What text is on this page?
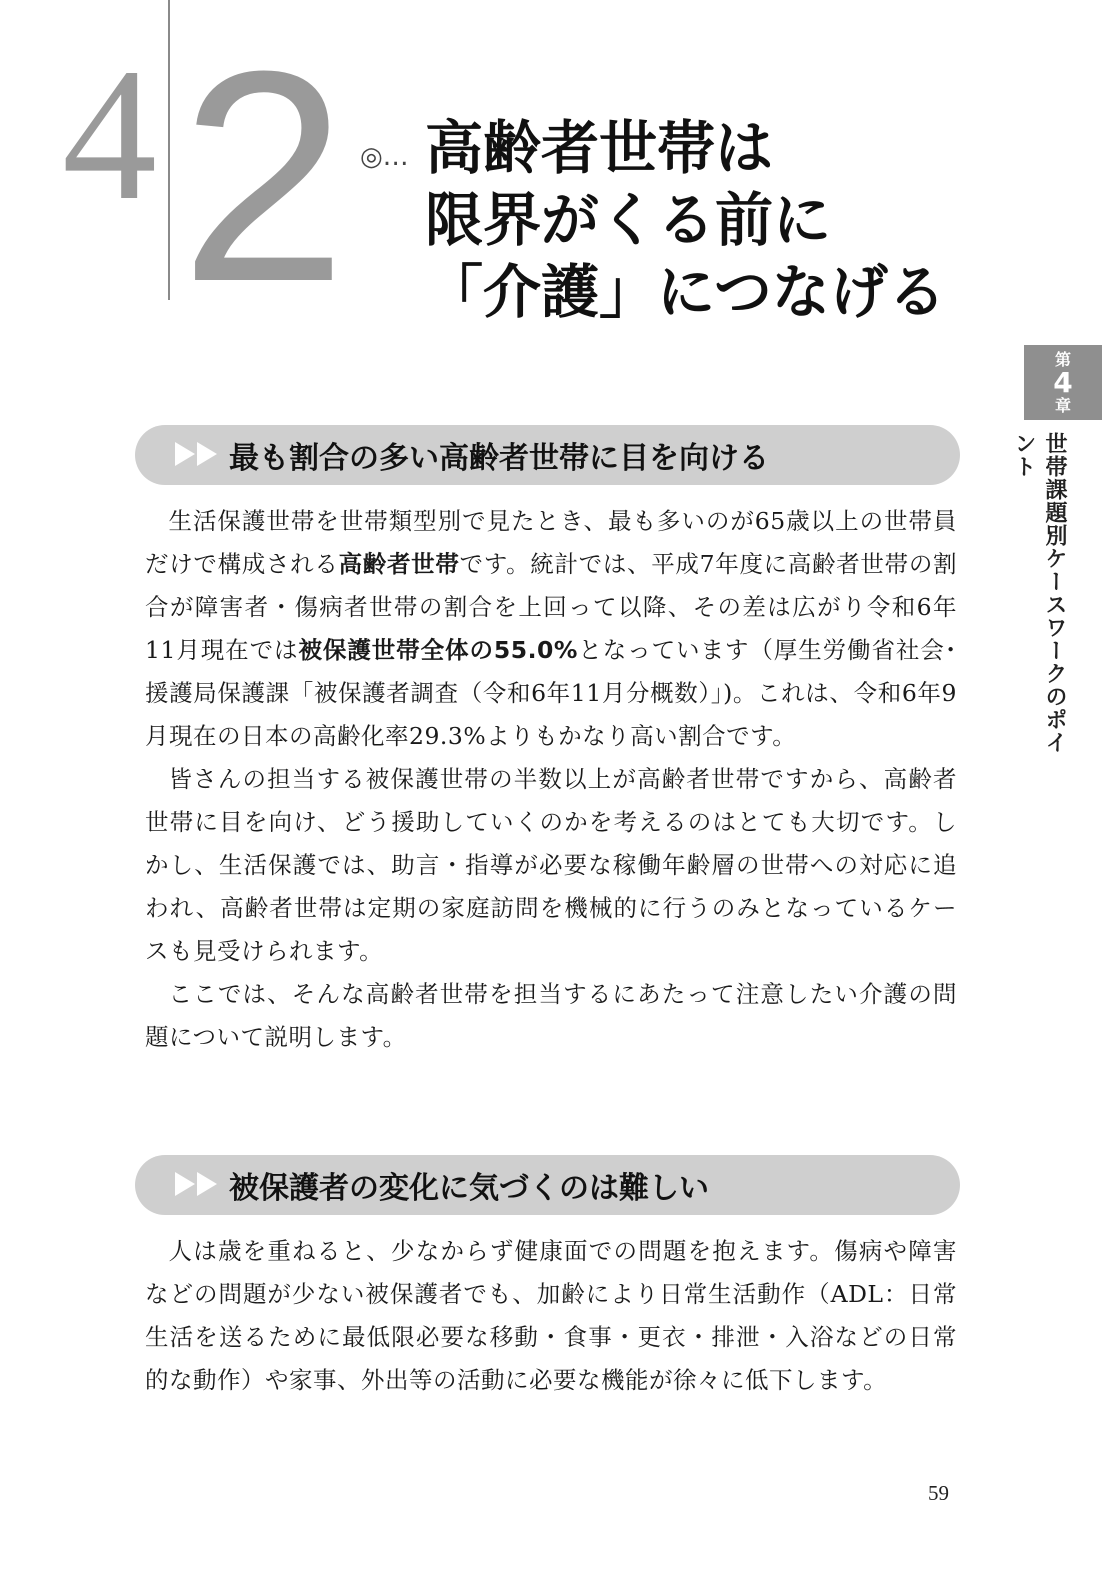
4 2 ◎… 高齢者世帯は
限界がくる前に
「介護」につなげる
第
4
章
世帯課題別ケースワークのポイント
最も割合の多い高齢者世帯に目を向ける

生活保護世帯を世帯類型別で見たとき、最も多いのが65歳以上の世帯員だけで構成される高齢者世帯です。統計では、平成7年度に高齢者世帯の割合が障害者・傷病者世帯の割合を上回って以降、その差は広がり令和6年11月現在では被保護世帯全体の55.0%となっています（厚生労働省社会･援護局保護課「被保護者調査（令和6年11月分概数）」)。これは、令和6年9月現在の日本の高齢化率29.3%よりもかなり高い割合です。

皆さんの担当する被保護世帯の半数以上が高齢者世帯ですから、高齢者世帯に目を向け、どう援助していくのかを考えるのはとても大切です。しかし、生活保護では、助言・指導が必要な稼働年齢層の世帯への対応に追われ、高齢者世帯は定期の家庭訪問を機械的に行うのみとなっているケースも見受けられます。

ここでは、そんな高齢者世帯を担当するにあたって注意したい介護の問題について説明します。

被保護者の変化に気づくのは難しい

人は歳を重ねると、少なからず健康面での問題を抱えます。傷病や障害などの問題が少ない被保護者でも、加齢により日常生活動作（ADL：日常生活を送るために最低限必要な移動・食事・更衣・排泄・入浴などの日常的な動作）や家事、外出等の活動に必要な機能が徐々に低下します。

59
